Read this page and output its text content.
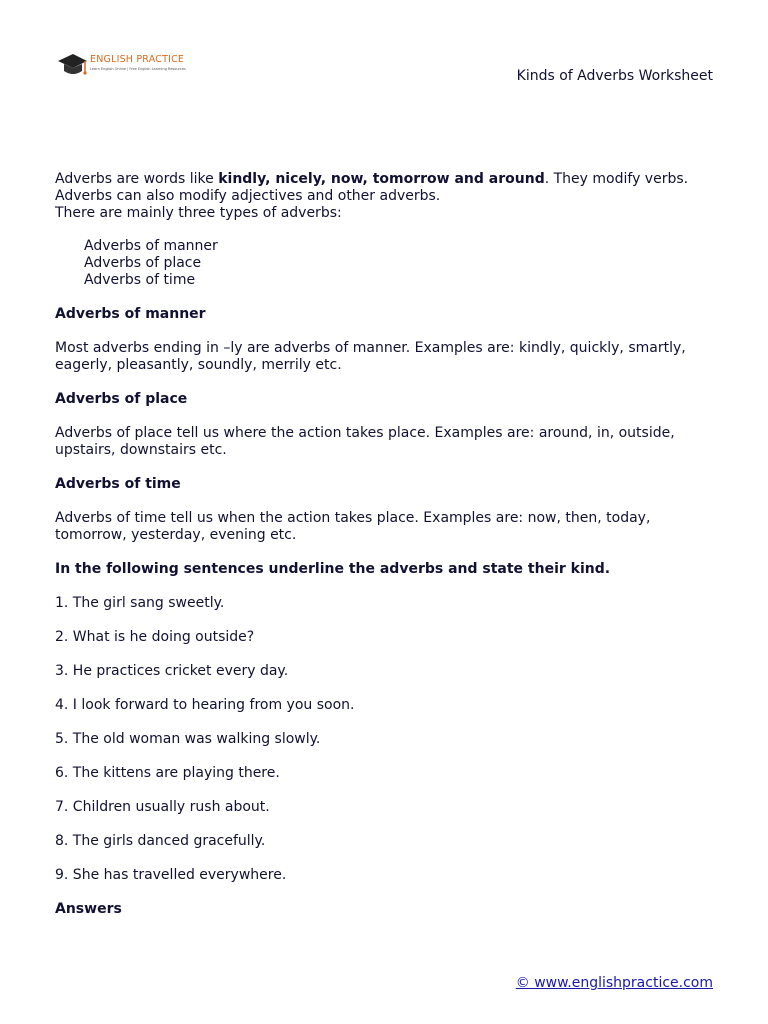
ENGLISH PRACTICE
Learn English Online | Free English Learning Resources	Kinds of Adverbs Worksheet

Adverbs are words like kindly, nicely, now, tomorrow and around. They modify verbs.
Adverbs can also modify adjectives and other adverbs.
There are mainly three types of adverbs:

Adverbs of manner
Adverbs of place
Adverbs of time

Adverbs of manner

Most adverbs ending in –ly are adverbs of manner. Examples are: kindly, quickly, smartly, eagerly, pleasantly, soundly, merrily etc.

Adverbs of place

Adverbs of place tell us where the action takes place. Examples are: around, in, outside, upstairs, downstairs etc.

Adverbs of time

Adverbs of time tell us when the action takes place. Examples are: now, then, today, tomorrow, yesterday, evening etc.

In the following sentences underline the adverbs and state their kind.

1. The girl sang sweetly.

2. What is he doing outside?

3. He practices cricket every day.

4. I look forward to hearing from you soon.

5. The old woman was walking slowly.

6. The kittens are playing there.

7. Children usually rush about.

8. The girls danced gracefully.

9. She has travelled everywhere.

Answers

© www.englishpractice.com
